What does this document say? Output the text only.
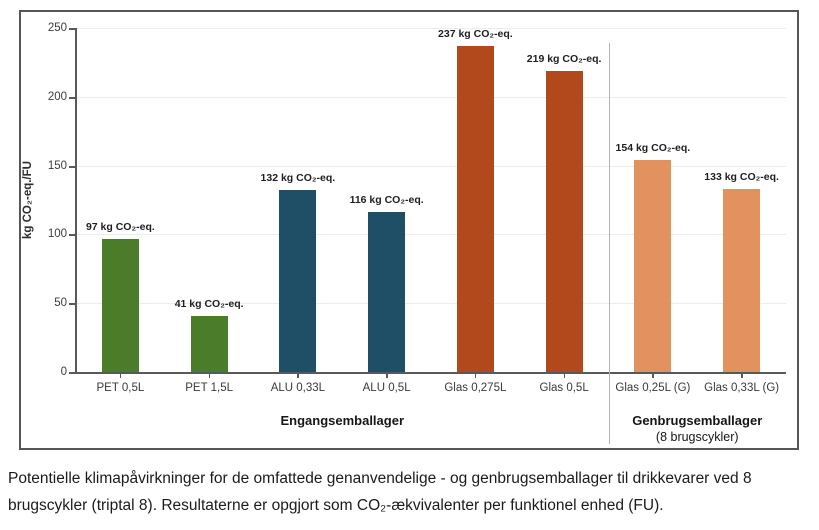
kg CO₂-eq./FU
0
50
100
150
200
250
97 kg CO₂-eq.
PET 0,5L
41 kg CO₂-eq.
PET 1,5L
132 kg CO₂-eq.
ALU 0,33L
116 kg CO₂-eq.
ALU 0,5L
237 kg CO₂-eq.
Glas 0,275L
219 kg CO₂-eq.
Glas 0,5L
154 kg CO₂-eq.
Glas 0,25L (G)
133 kg CO₂-eq.
Glas 0,33L (G)
Engangsemballager	Genbrugsemballager
(8 brugscykler)

Potentielle klimapåvirkninger for de omfattede genanvendelige - og genbrugsemballager til drikkevarer ved 8 brugscykler (triptal 8). Resultaterne er opgjort som CO₂-ækvivalenter per funktionel enhed (FU).
